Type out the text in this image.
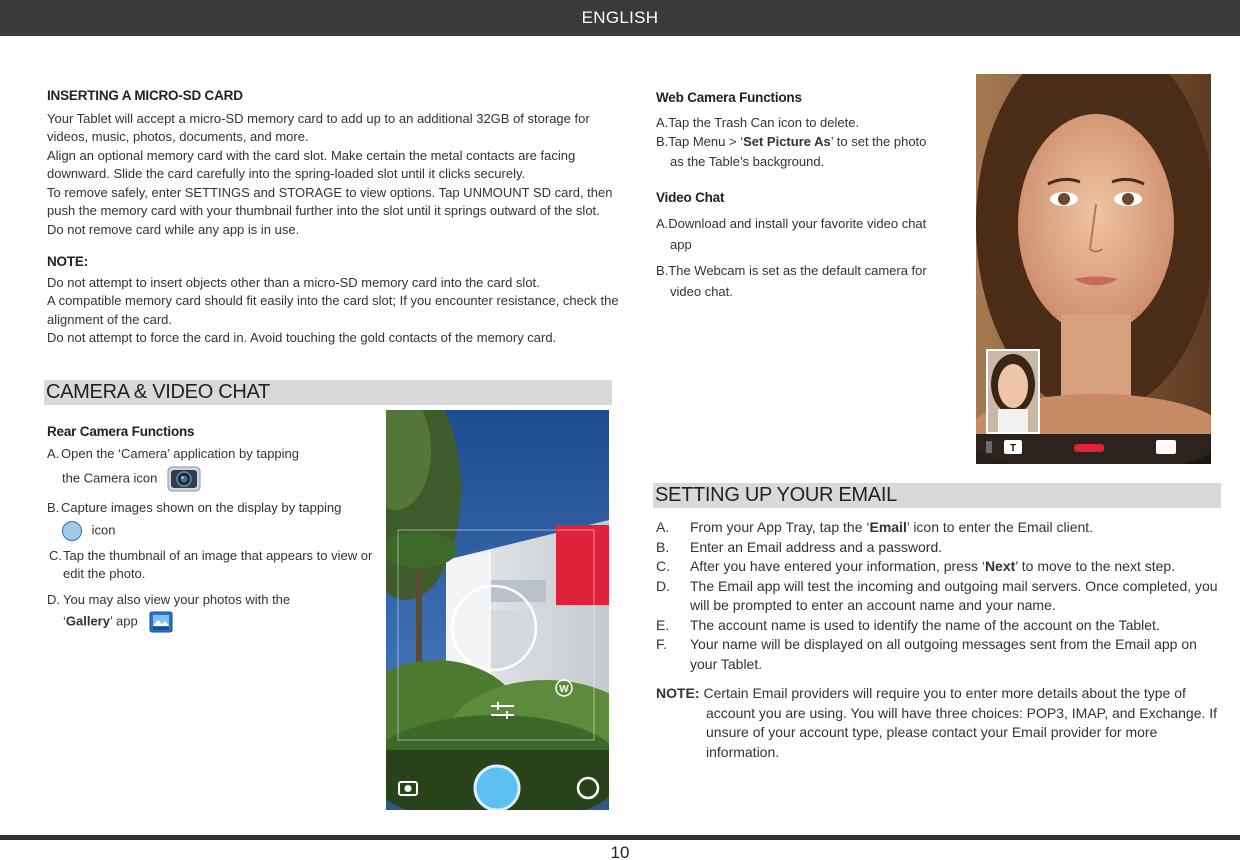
ENGLISH
INSERTING A MICRO-SD CARD
Your Tablet will accept a micro-SD memory card to add up to an additional 32GB of storage for videos, music, photos, documents, and more.
Align an optional memory card with the card slot. Make certain the metal contacts are facing downward. Slide the card carefully into the spring-loaded slot until it clicks securely.
To remove safely, enter SETTINGS and STORAGE to view options. Tap UNMOUNT SD card, then push the memory card with your thumbnail further into the slot until it springs outward of the slot. Do not remove card while any app is in use.
NOTE:
Do not attempt to insert objects other than a micro-SD memory card into the card slot.
A compatible memory card should fit easily into the card slot; If you encounter resistance, check the alignment of the card.
Do not attempt to force the card in. Avoid touching the gold contacts of the memory card.
CAMERA & VIDEO CHAT
Rear Camera Functions
A. Open the ‘Camera’ application by tapping
the Camera icon
B. Capture images shown on the display by tapping
icon
C. Tap the thumbnail of an image that appears to view or edit the photo.
D. You may also view your photos with the
‘Gallery’ app
W
Web Camera Functions
A.Tap the Trash Can icon to delete.
B.Tap Menu > ‘Set Picture As’ to set the photo as the Table’s background.
Video Chat
A.Download and install your favorite video chat app
B.The Webcam is set as the default camera for video chat.
T
SETTING UP YOUR EMAIL
A. From your App Tray, tap the ‘Email’ icon to enter the Email client.
B. Enter an Email address and a password.
C. After you have entered your information, press ‘Next’ to move to the next step.
D. The Email app will test the incoming and outgoing mail servers. Once completed, you will be prompted to enter an account name and your name.
E. The account name is used to identify the name of the account on the Tablet.
F. Your name will be displayed on all outgoing messages sent from the Email app on your Tablet.
NOTE: Certain Email providers will require you to enter more details about the type of account you are using. You will have three choices: POP3, IMAP, and Exchange. If unsure of your account type, please contact your Email provider for more information.
10
